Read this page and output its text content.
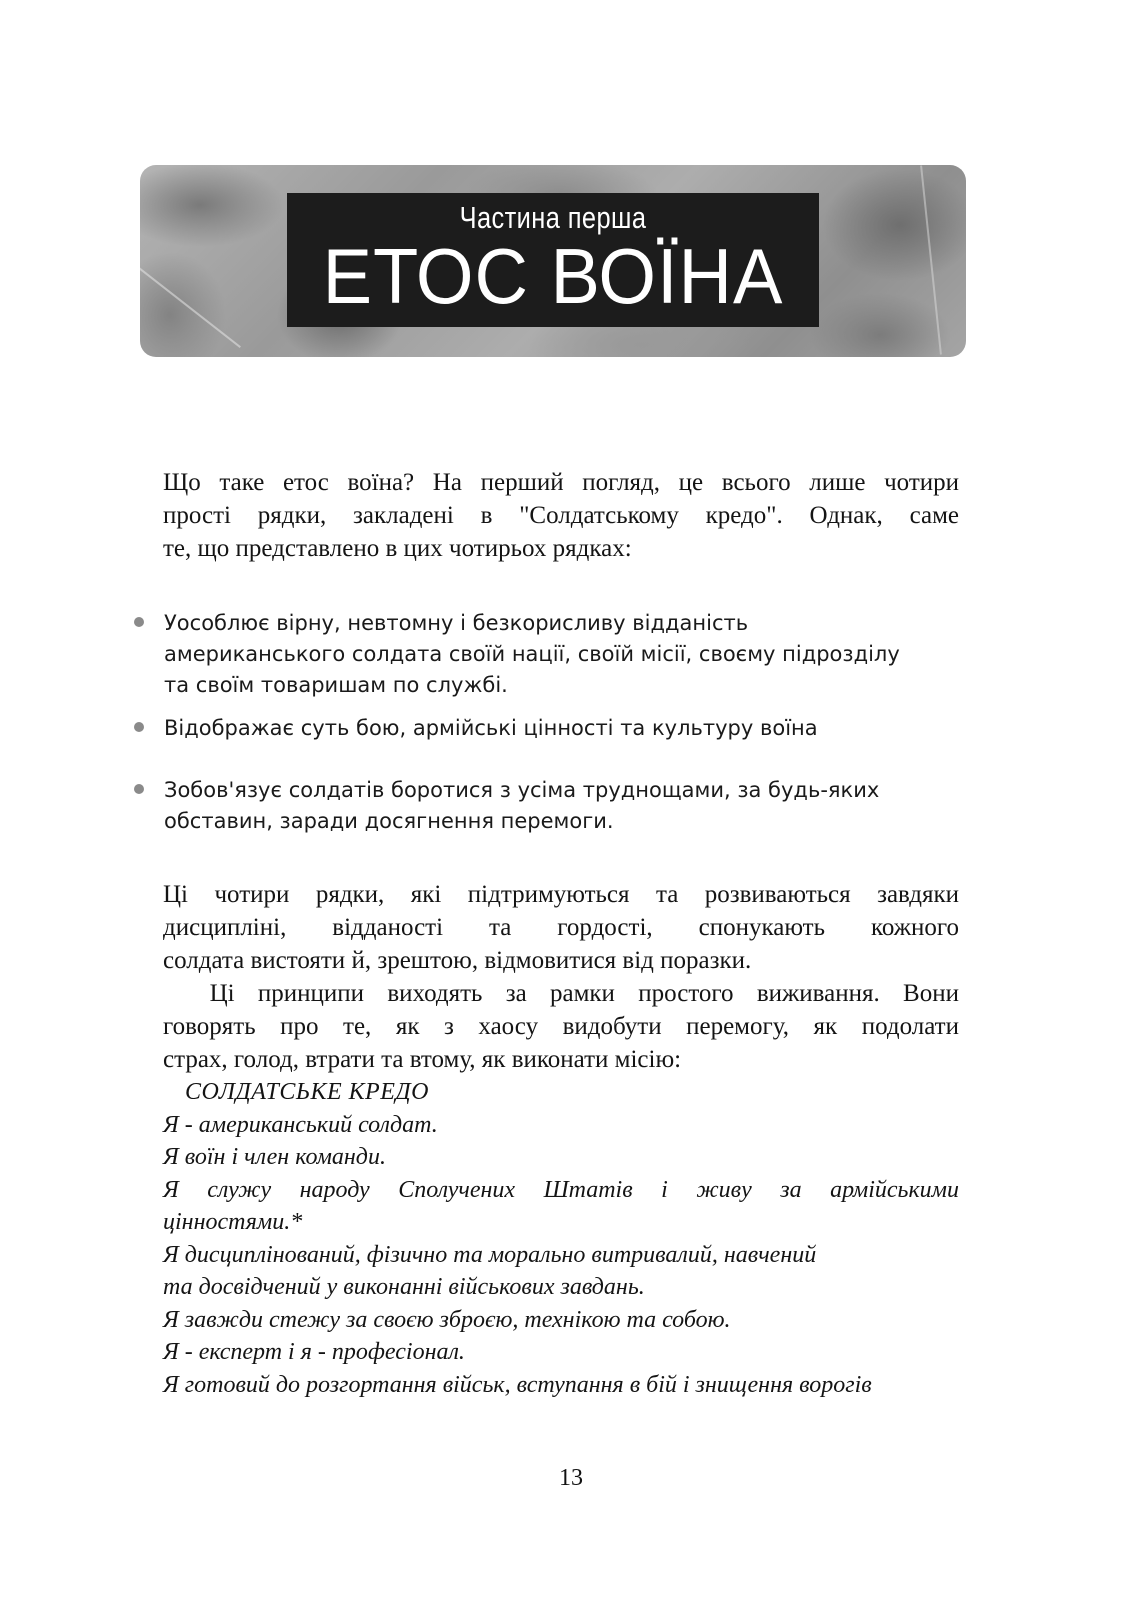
Частина перша
ЕТОС ВОЇНА
Що таке етос воїна? На перший погляд, це всього лише чотири
прості рядки, закладені в "Солдатському кредо". Однак, саме
те, що представлено в цих чотирьох рядках:
Уособлює вірну, невтомну і безкорисливу відданість
американського солдата своїй нації, своїй місії, своєму підрозділу
та своїм товаришам по службі.
Відображає суть бою, армійські цінності та культуру воїна
Зобов'язує солдатів боротися з усіма труднощами, за будь-яких
обставин, заради досягнення перемоги.
Ці чотири рядки, які підтримуються та розвиваються завдяки
дисципліні, відданості та гордості, спонукають кожного
солдата вистояти й, зрештою, відмовитися від поразки.
Ці принципи виходять за рамки простого виживання. Вони
говорять про те, як з хаосу видобути перемогу, як подолати
страх, голод, втрати та втому, як виконати місію:
СОЛДАТСЬКЕ КРЕДО
Я - американський солдат.
Я воїн і член команди.
Я служу народу Сполучених Штатів і живу за армійськими
цінностями.*
Я дисциплінований, фізично та морально витривалий, навчений
та досвідчений у виконанні військових завдань.
Я завжди стежу за своєю зброєю, технікою та собою.
Я - експерт і я - професіонал.
Я готовий до розгортання військ, вступання в бій і знищення ворогів
13
